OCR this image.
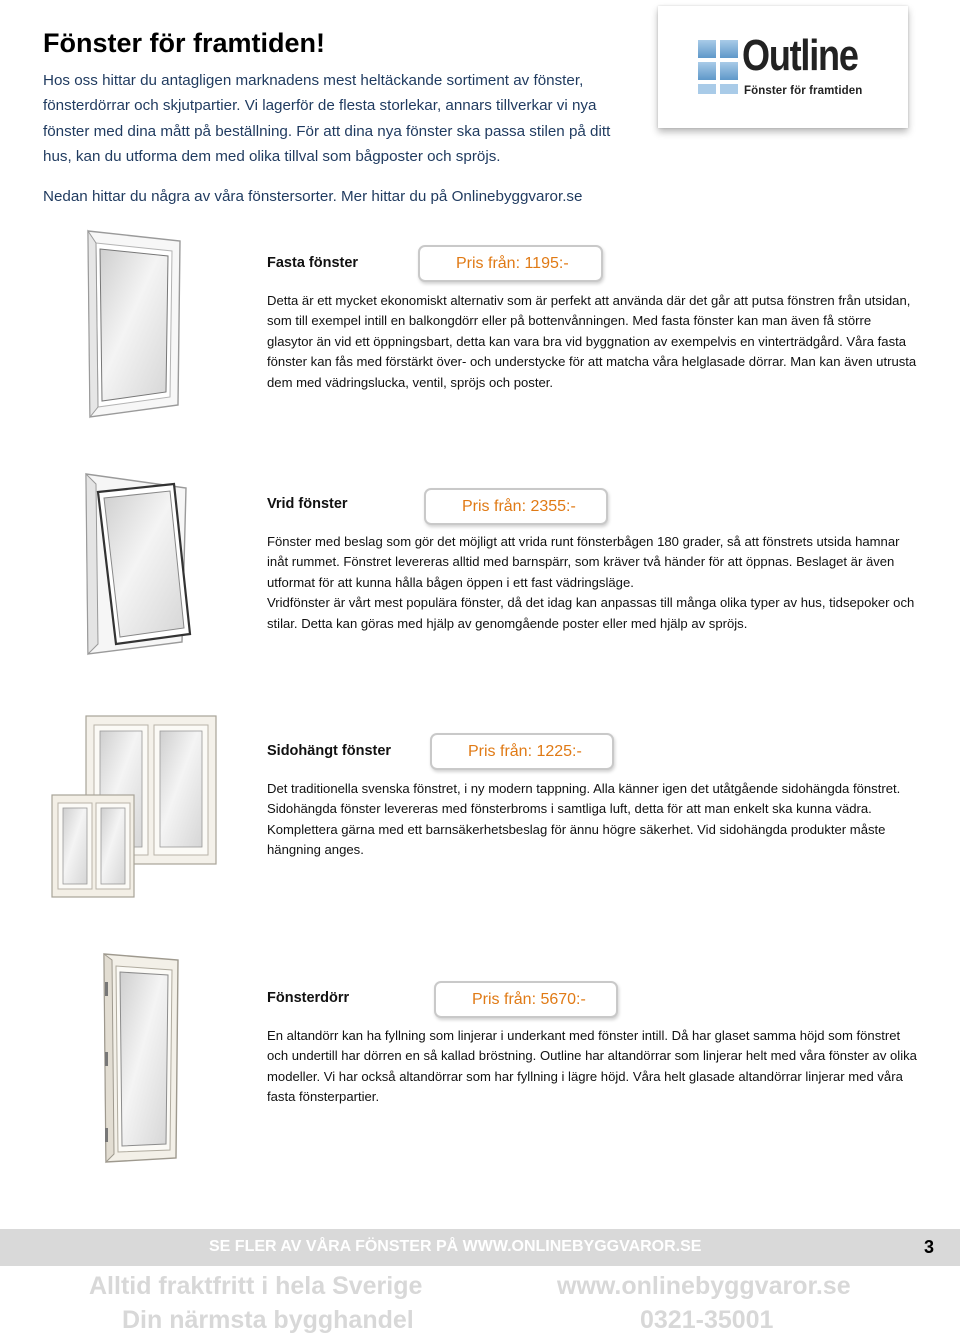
Fönster för framtiden!

Hos oss hittar du antagligen marknadens mest heltäckande sortiment av fönster, fönsterdörrar och skjutpartier. Vi lagerför de flesta storlekar, annars tillverkar vi nya fönster med dina mått på beställning. För att dina nya fönster ska passa stilen på ditt hus, kan du utforma dem med olika tillval som bågposter och spröjs.

Nedan hittar du några av våra fönstersorter. Mer hittar du på Onlinebyggvaror.se

Outline
Fönster för framtiden
Fasta fönster	Pris från: 1195:-

Detta är ett mycket ekonomiskt alternativ som är perfekt att använda där det går att putsa fönstren från utsidan, som till exempel intill en balkongdörr eller på bottenvånningen. Med fasta fönster kan man även få större glasytor än vid ett öppningsbart, detta kan vara bra vid byggnation av exempelvis en vinterträdgård. Våra fasta fönster kan fås med förstärkt över- och understycke för att matcha våra helglasade dörrar. Man kan även utrusta dem med vädringslucka, ventil, spröjs och poster.

Vrid fönster	Pris från: 2355:-

Fönster med beslag som gör det möjligt att vrida runt fönsterbågen 180 grader, så att fönstrets utsida hamnar inåt rummet. Fönstret levereras alltid med barnspärr, som kräver två händer för att öppnas. Beslaget är även utformat för att kunna hålla bågen öppen i ett fast vädringsläge.

Vridfönster är vårt mest populära fönster, då det idag kan anpassas till många olika typer av hus, tidsepoker och stilar. Detta kan göras med hjälp av genomgående poster eller med hjälp av spröjs.

Sidohängt fönster	Pris från: 1225:-

Det traditionella svenska fönstret, i ny modern tappning. Alla känner igen det utåtgående sidohängda fönstret. Sidohängda fönster levereras med fönsterbroms i samtliga luft, detta för att man enkelt ska kunna vädra. Komplettera gärna med ett barnsäkerhetsbeslag för ännu högre säkerhet. Vid sidohängda produkter måste hängning anges.

Fönsterdörr	Pris från: 5670:-

En altandörr kan ha fyllning som linjerar i underkant med fönster intill. Då har glaset samma höjd som fönstret och undertill har dörren en så kallad bröstning. Outline har altandörrar som linjerar helt med våra fönster av olika modeller. Vi har också altandörrar som har fyllning i lägre höjd. Våra helt glasade altandörrar linjerar med våra fasta fönsterpartier.

SE FLER AV VÅRA FÖNSTER PÅ WWW.ONLINEBYGGVAROR.SE	3
Alltid fraktfritt i hela Sverige
Din närmsta bygghandel
www.onlinebyggvaror.se
0321-35001
